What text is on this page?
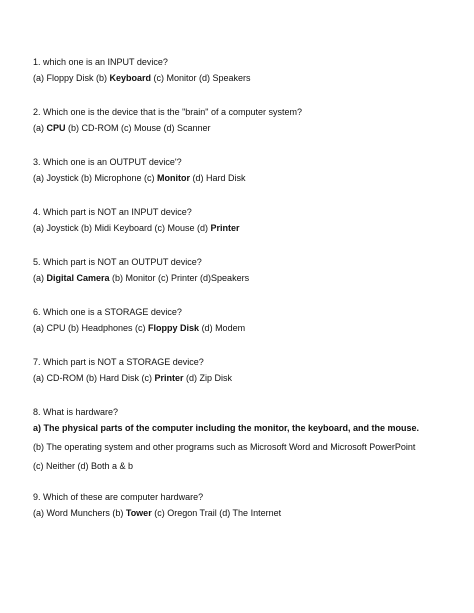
1. which one is an INPUT device?
(a) Floppy Disk (b) Keyboard (c) Monitor (d) Speakers
2. Which one is the device that is the "brain" of a computer system?
(a) CPU (b) CD-ROM (c) Mouse (d) Scanner
3. Which one is an OUTPUT device'?
(a) Joystick (b) Microphone (c) Monitor (d) Hard Disk
4. Which part is NOT an INPUT device?
(a) Joystick (b) Midi Keyboard (c) Mouse (d) Printer
5. Which part is NOT an OUTPUT device?
(a) Digital Camera (b) Monitor (c) Printer (d)Speakers
6. Which one is a STORAGE device?
(a) CPU (b) Headphones (c) Floppy Disk (d) Modem
7. Which part is NOT a STORAGE device?
(a) CD-ROM (b) Hard Disk (c) Printer (d) Zip Disk
8. What is hardware?
a) The physical parts of the computer including the monitor, the keyboard, and the mouse.
(b) The operating system and other programs such as Microsoft Word and Microsoft PowerPoint
(c) Neither (d) Both a & b
9. Which of these are computer hardware?
(a) Word Munchers (b) Tower (c) Oregon Trail (d) The Internet
